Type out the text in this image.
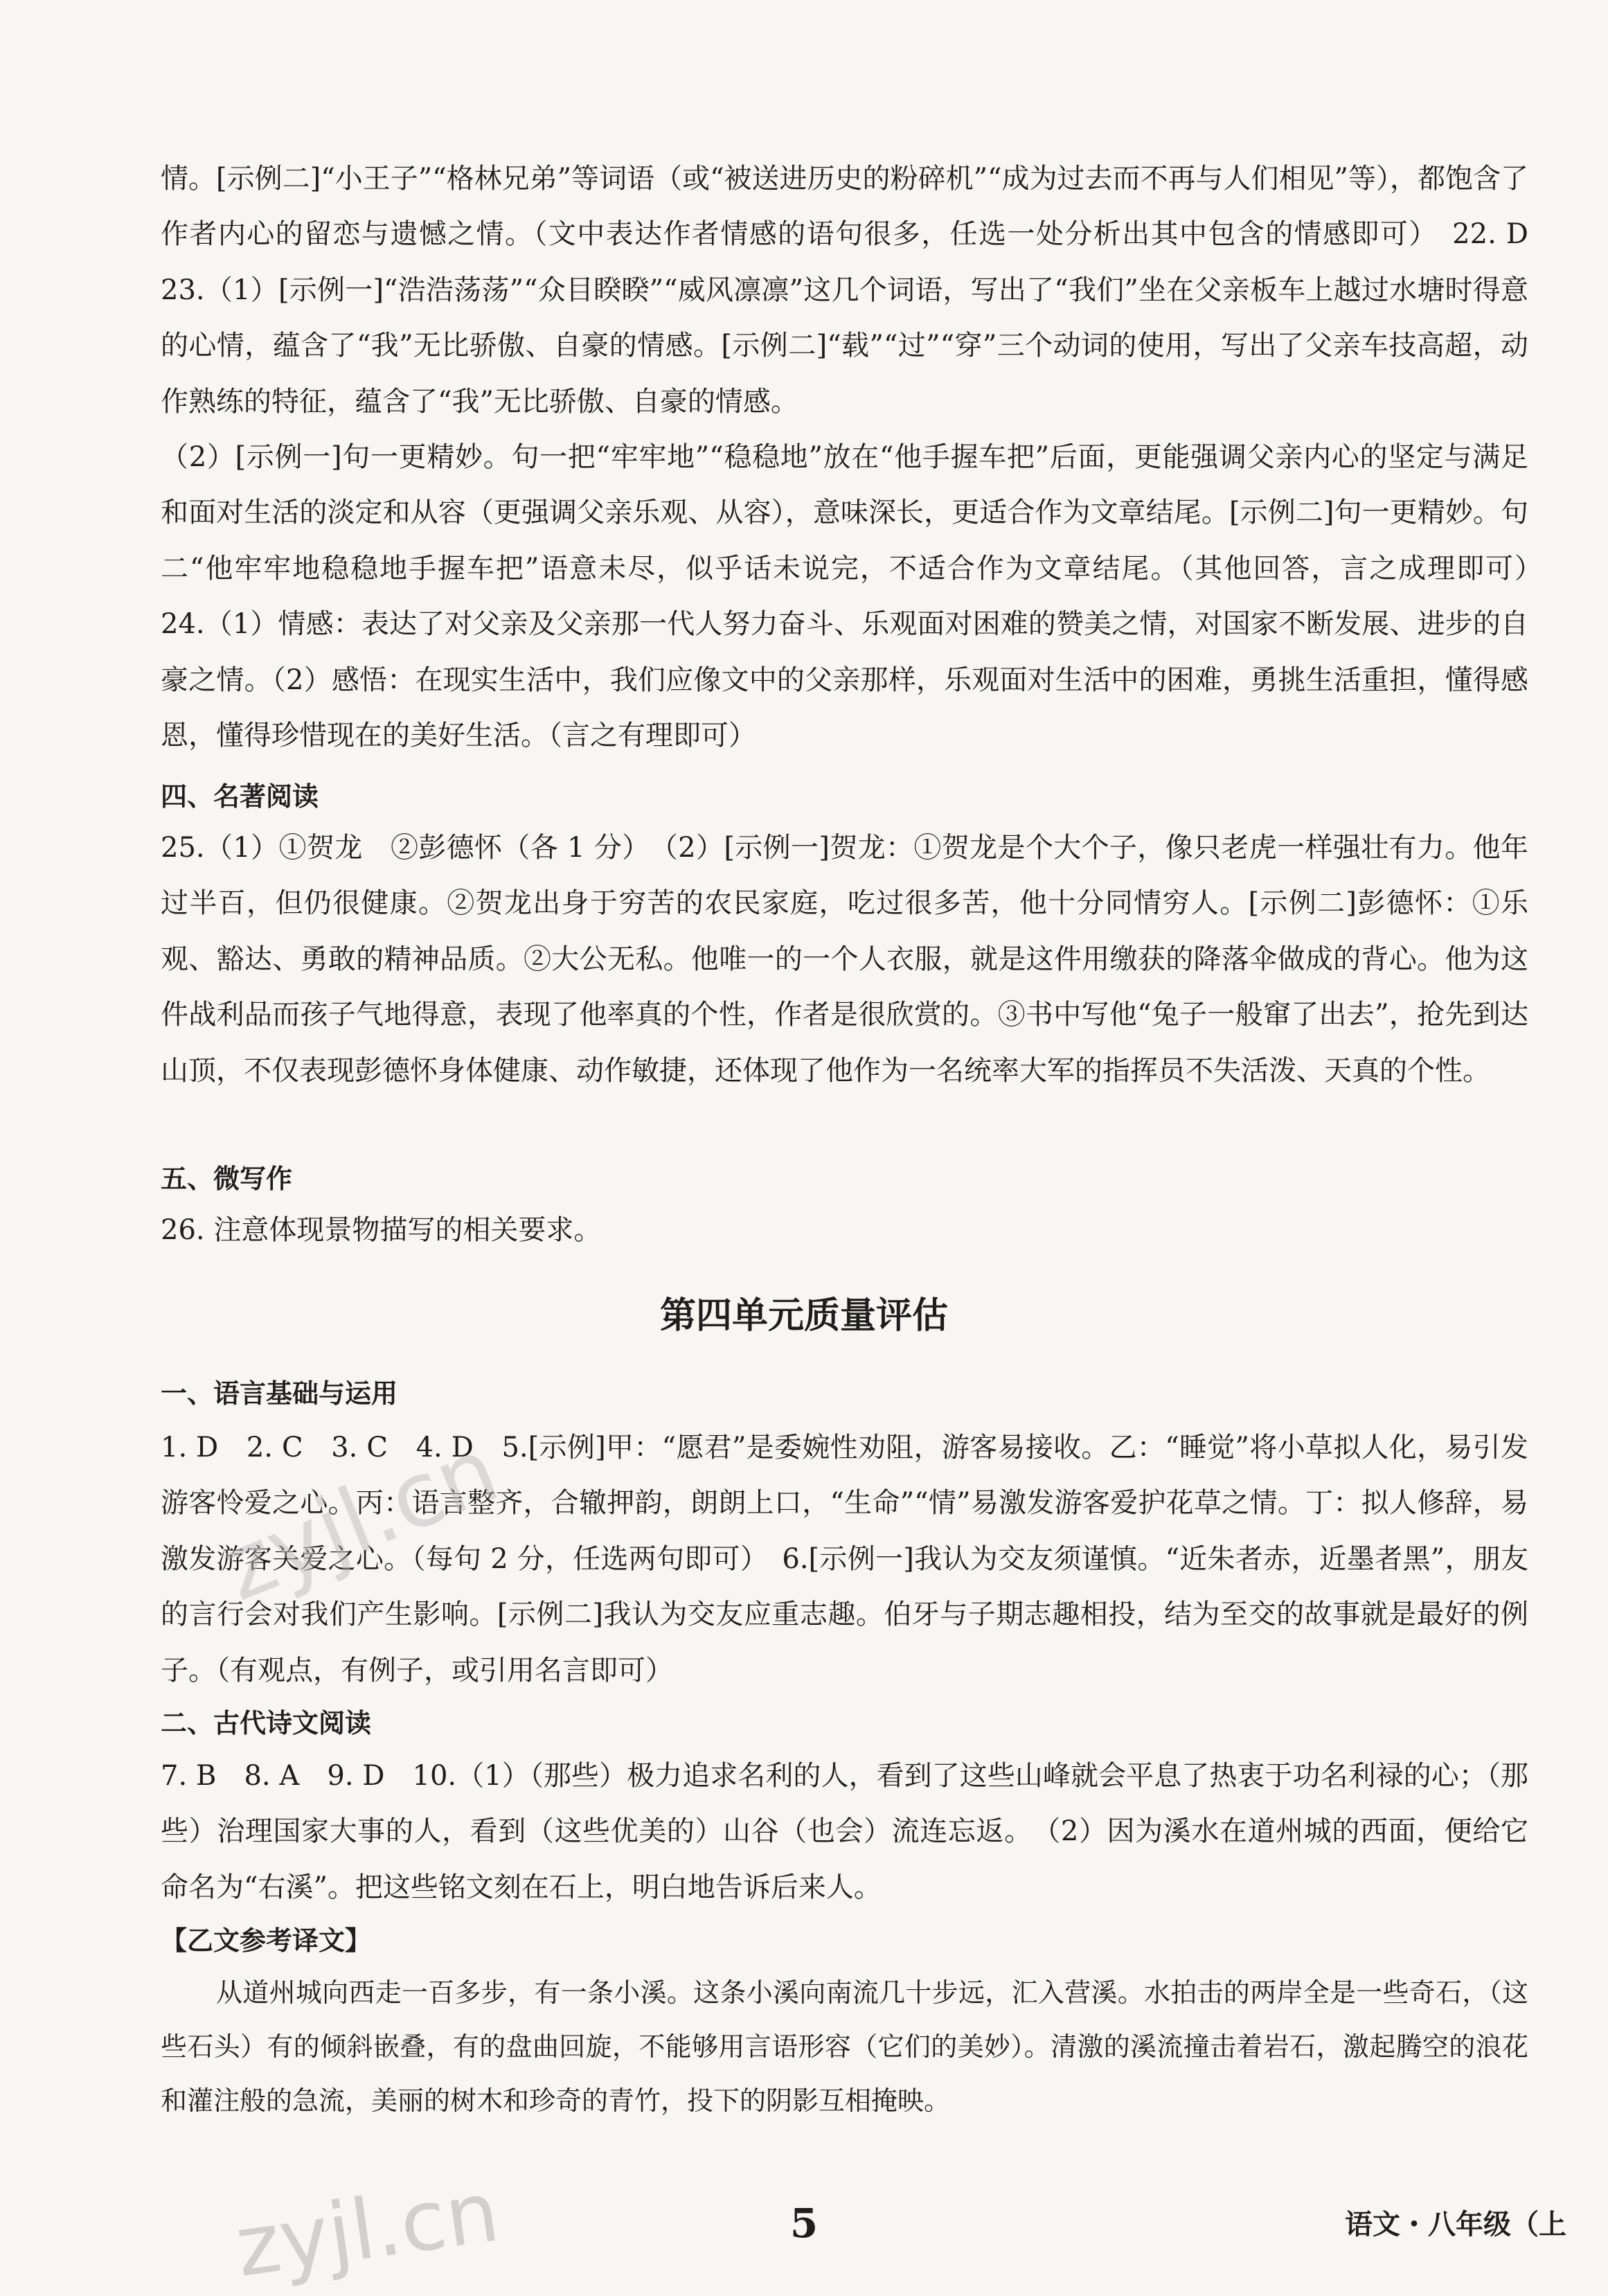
情。[示例二]“小王子”“格林兄弟”等词语（或“被送进历史的粉碎机”“成为过去而不再与人们相见”等），都饱含了作者内心的留恋与遗憾之情。（文中表达作者情感的语句很多，任选一处分析出其中包含的情感即可）　22. D　23.（1）[示例一]“浩浩荡荡”“众目睽睽”“威风凛凛”这几个词语，写出了“我们”坐在父亲板车上越过水塘时得意的心情，蕴含了“我”无比骄傲、自豪的情感。[示例二]“载”“过”“穿”三个动词的使用，写出了父亲车技高超，动作熟练的特征，蕴含了“我”无比骄傲、自豪的情感。

（2）[示例一]句一更精妙。句一把“牢牢地”“稳稳地”放在“他手握车把”后面，更能强调父亲内心的坚定与满足和面对生活的淡定和从容（更强调父亲乐观、从容），意味深长，更适合作为文章结尾。[示例二]句一更精妙。句二“他牢牢地稳稳地手握车把”语意未尽，似乎话未说完，不适合作为文章结尾。（其他回答，言之成理即可）　24.（1）情感：表达了对父亲及父亲那一代人努力奋斗、乐观面对困难的赞美之情，对国家不断发展、进步的自豪之情。（2）感悟：在现实生活中，我们应像文中的父亲那样，乐观面对生活中的困难，勇挑生活重担，懂得感恩，懂得珍惜现在的美好生活。（言之有理即可）

四、名著阅读

25.（1）①贺龙　②彭德怀（各 1 分）　（2）[示例一]贺龙：①贺龙是个大个子，像只老虎一样强壮有力。他年过半百，但仍很健康。②贺龙出身于穷苦的农民家庭，吃过很多苦，他十分同情穷人。[示例二]彭德怀：①乐观、豁达、勇敢的精神品质。②大公无私。他唯一的一个人衣服，就是这件用缴获的降落伞做成的背心。他为这件战利品而孩子气地得意，表现了他率真的个性，作者是很欣赏的。③书中写他“兔子一般窜了出去”，抢先到达山顶，不仅表现彭德怀身体健康、动作敏捷，还体现了他作为一名统率大军的指挥员不失活泼、天真的个性。

五、微写作

26. 注意体现景物描写的相关要求。

第四单元质量评估
一、语言基础与运用

1. D　2. C　3. C　4. D　5.[示例]甲：“愿君”是委婉性劝阻，游客易接收。乙：“睡觉”将小草拟人化，易引发游客怜爱之心。丙：语言整齐，合辙押韵，朗朗上口，“生命”“情”易激发游客爱护花草之情。丁：拟人修辞，易激发游客关爱之心。（每句 2 分，任选两句即可）　6.[示例一]我认为交友须谨慎。“近朱者赤，近墨者黑”，朋友的言行会对我们产生影响。[示例二]我认为交友应重志趣。伯牙与子期志趣相投，结为至交的故事就是最好的例子。（有观点，有例子，或引用名言即可）

二、古代诗文阅读

7. B　8. A　9. D　10.（1）（那些）极力追求名利的人，看到了这些山峰就会平息了热衷于功名利禄的心；（那些）治理国家大事的人，看到（这些优美的）山谷（也会）流连忘返。　（2）因为溪水在道州城的西面，便给它命名为“右溪”。把这些铭文刻在石上，明白地告诉后来人。

【乙文参考译文】

从道州城向西走一百多步，有一条小溪。这条小溪向南流几十步远，汇入营溪。水拍击的两岸全是一些奇石，（这些石头）有的倾斜嵌叠，有的盘曲回旋，不能够用言语形容（它们的美妙）。清激的溪流撞击着岩石，激起腾空的浪花和灌注般的急流，美丽的树木和珍奇的青竹，投下的阴影互相掩映。

zyjl.cn
zyjl.cn	5	语文・八年级（上
